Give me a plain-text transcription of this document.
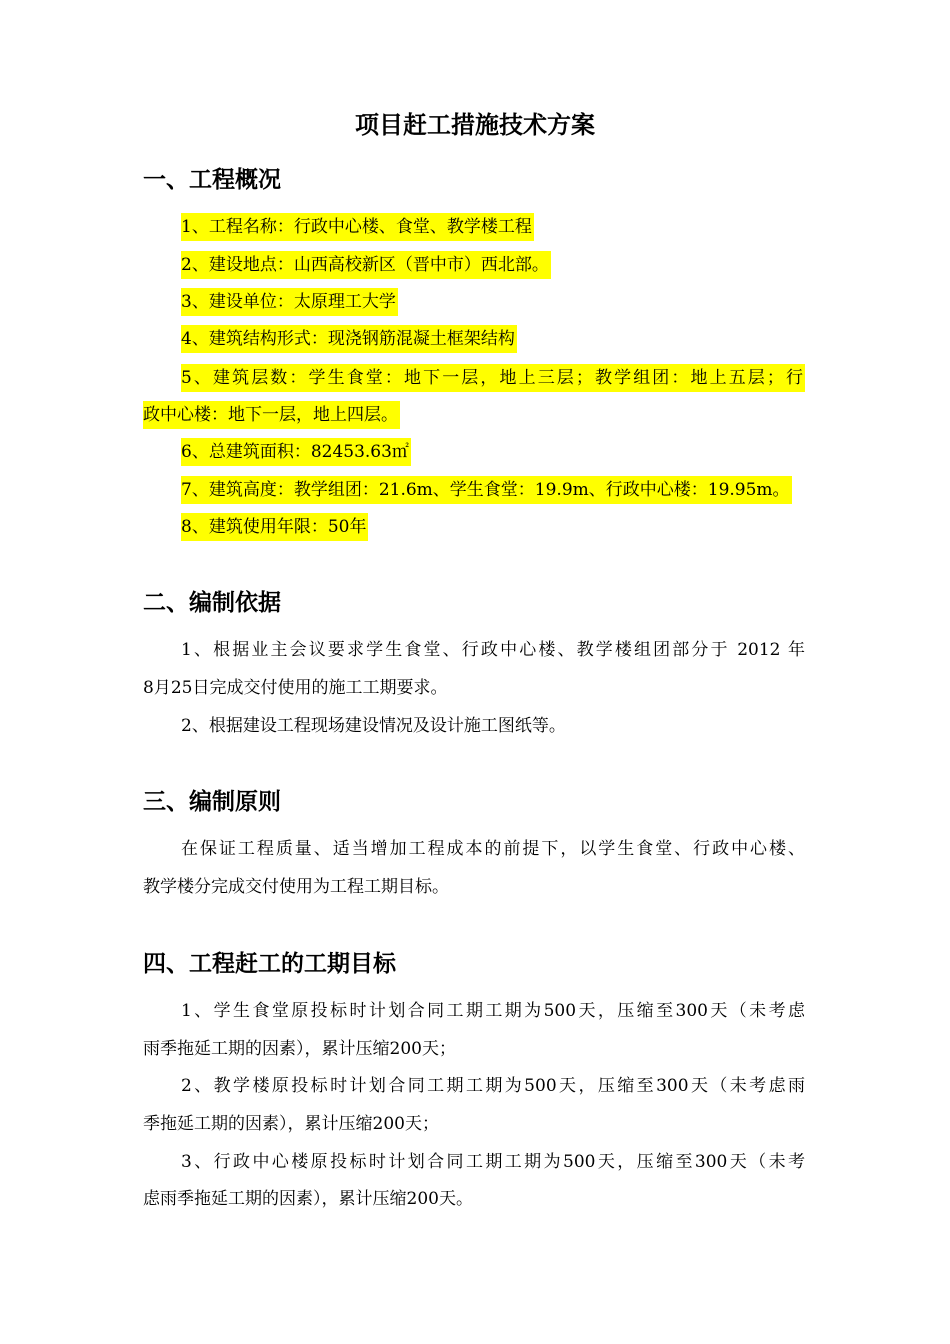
项目赶工措施技术方案
一、工程概况
1、工程名称：行政中心楼、食堂、教学楼工程
2、建设地点：山西高校新区（晋中市）西北部。
3、建设单位：太原理工大学
4、建筑结构形式：现浇钢筋混凝土框架结构
5、建筑层数：学生食堂：地下一层，地上三层；教学组团：地上五层；行
政中心楼：地下一层，地上四层。
6、总建筑面积：82453.63㎡
7、建筑高度：教学组团：21.6m、学生食堂：19.9m、行政中心楼：19.95m。
8、建筑使用年限：50年
二、编制依据
1、根据业主会议要求学生食堂、行政中心楼、教学楼组团部分于 2012 年
8月25日完成交付使用的施工工期要求。
2、根据建设工程现场建设情况及设计施工图纸等。
三、编制原则
在保证工程质量、适当增加工程成本的前提下，以学生食堂、行政中心楼、
教学楼分完成交付使用为工程工期目标。
四、工程赶工的工期目标
1、学生食堂原投标时计划合同工期工期为500天，压缩至300天（未考虑
雨季拖延工期的因素），累计压缩200天；
2、教学楼原投标时计划合同工期工期为500天，压缩至300天（未考虑雨
季拖延工期的因素），累计压缩200天；
3、行政中心楼原投标时计划合同工期工期为500天，压缩至300天（未考
虑雨季拖延工期的因素），累计压缩200天。
